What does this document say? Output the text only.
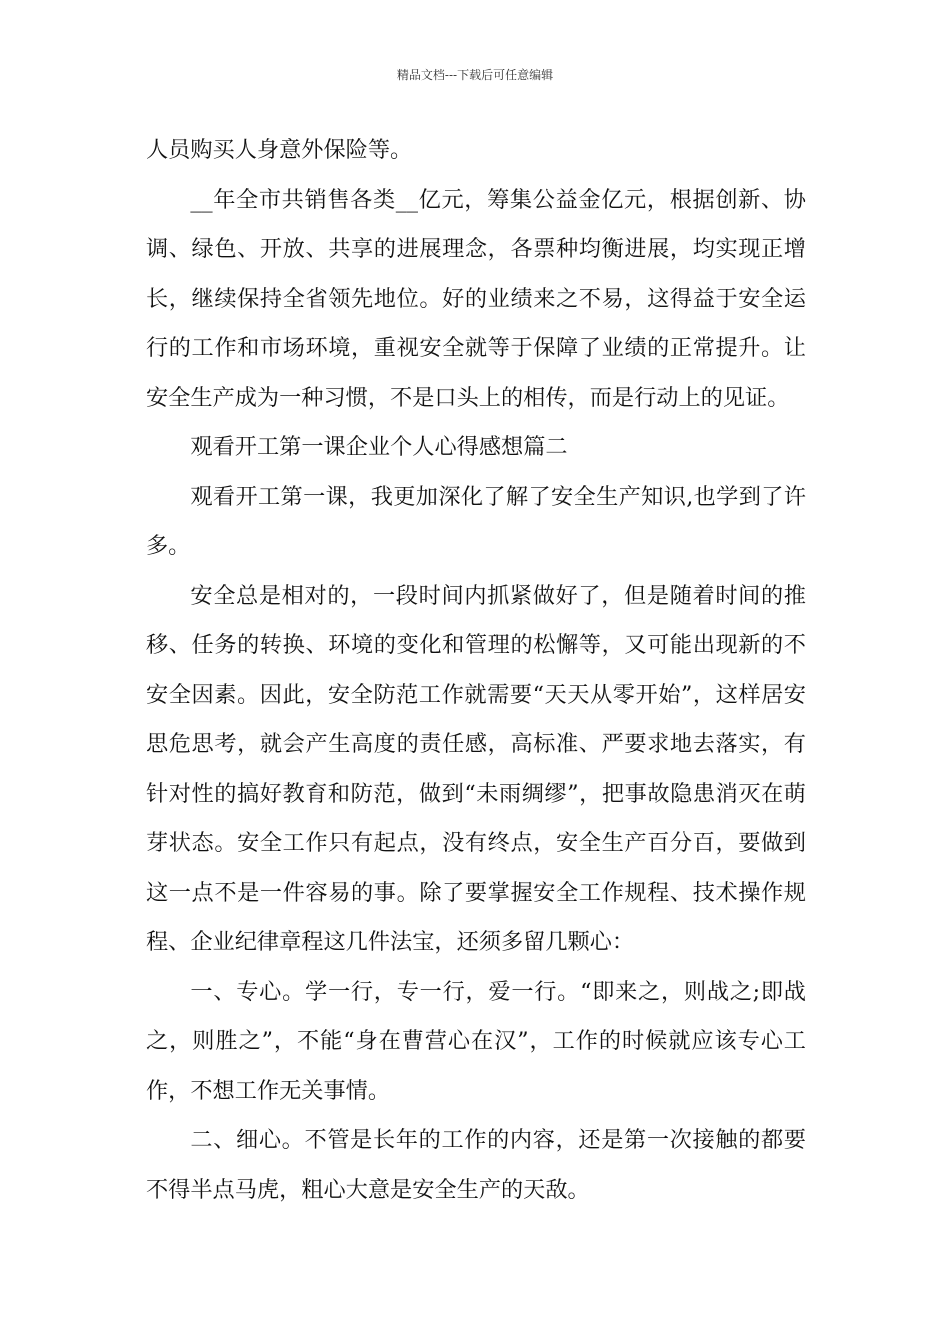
精品文档---下载后可任意编辑

人员购买人身意外保险等。

__年全市共销售各类__亿元，筹集公益金亿元，根据创新、协调、绿色、开放、共享的进展理念，各票种均衡进展，均实现正增长，继续保持全省领先地位。好的业绩来之不易，这得益于安全运行的工作和市场环境，重视安全就等于保障了业绩的正常提升。让安全生产成为一种习惯，不是口头上的相传，而是行动上的见证。

观看开工第一课企业个人心得感想篇二

观看开工第一课，我更加深化了解了安全生产知识,也学到了许多。

安全总是相对的，一段时间内抓紧做好了，但是随着时间的推移、任务的转换、环境的变化和管理的松懈等，又可能出现新的不安全因素。因此，安全防范工作就需要“天天从零开始”，这样居安思危思考，就会产生高度的责任感，高标准、严要求地去落实，有针对性的搞好教育和防范，做到“未雨绸缪”，把事故隐患消灭在萌芽状态。安全工作只有起点，没有终点，安全生产百分百，要做到这一点不是一件容易的事。除了要掌握安全工作规程、技术操作规程、企业纪律章程这几件法宝，还须多留几颗心：

一、专心。学一行，专一行，爱一行。“即来之，则战之;即战之，则胜之”，不能“身在曹营心在汉”，工作的时候就应该专心工作，不想工作无关事情。

二、细心。不管是长年的工作的内容，还是第一次接触的都要不得半点马虎，粗心大意是安全生产的天敌。
